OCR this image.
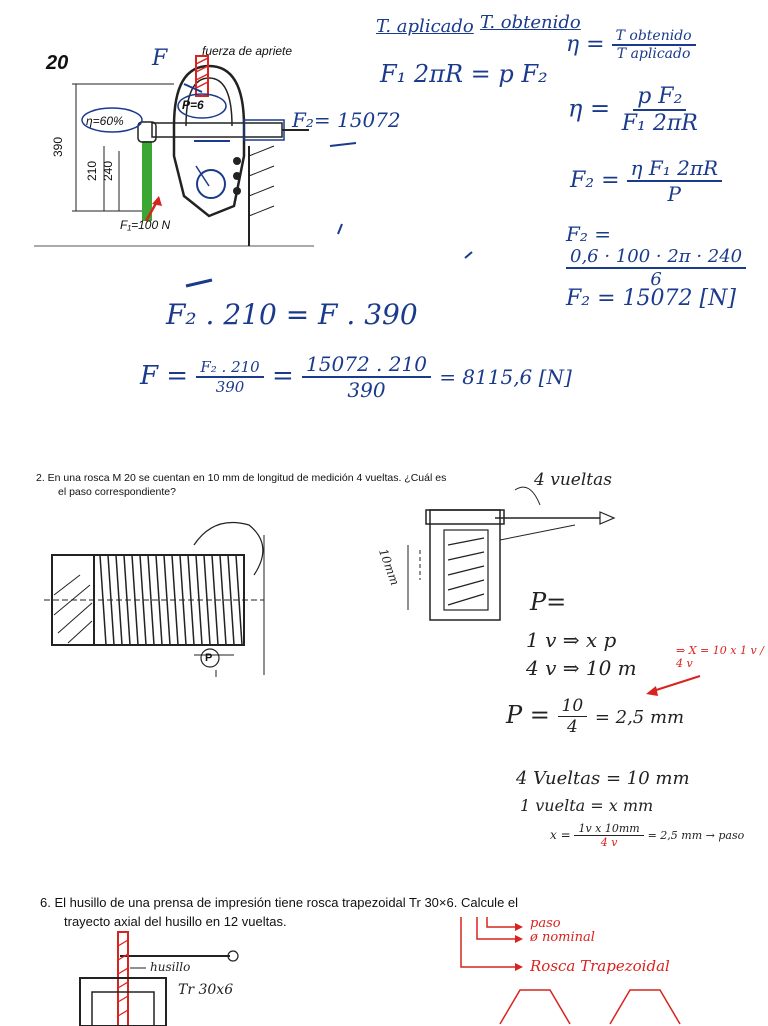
20
fuerza de apriete
F
P=6
η=60%
F₁=100 N
390
210 240
F₂= 15072
T. aplicado T. obtenido
F₁ 2πR = p F₂
$\eta = \frac{\text{T obtenido}}{\text{T aplicado}}$
$\eta = \frac{\text{p F₂}}{\text{F₁ 2πR}}$
$F_2 = \frac{\text{η F₁ 2πR}}{P}$
F₂ =
$\frac{0,6 \cdot 100 \cdot 2\pi \cdot 240}{6}$
F₂ = 15072 [N]
F₂ . 210 = F . 390
$F = \frac{\text{F₂ . 210}}{390} = \frac{15072 . 210}{390} = 8115,6$ [N]
2. En una rosca M 20 se cuentan en 10 mm de longitud de medición 4 vueltas. ¿Cuál es
el paso correspondiente?
P
4 vueltas
10mm
P=
1 v ⇒ x p
4 v ⇒ 10 m
⇒ X = 10 x 1 v / 4 v
$P = \frac{10}{4} = 2,5$ mm
4 Vueltas = 10 mm
1 vuelta = x mm
$x = \frac{\text{1v x 10mm}}{4 v} = 2,5$ mm → paso
6. El husillo de una prensa de impresión tiene rosca trapezoidal Tr 30×6. Calcule el
trayecto axial del husillo en 12 vueltas.
husillo
Tr 30x6
paso
ø nominal
Rosca Trapezoidal
